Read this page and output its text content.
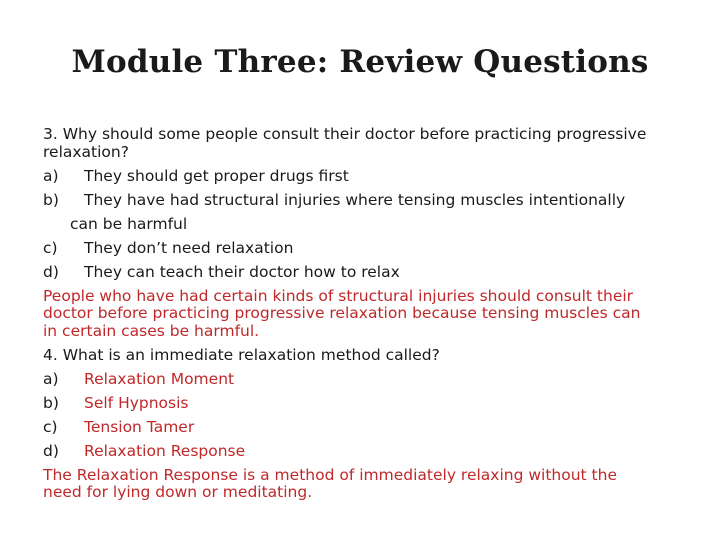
Module Three: Review Questions
3. Why should some people consult their doctor before practicing progressive
relaxation?
a) They should get proper drugs first
b) They have had structural injuries where tensing muscles intentionally
can be harmful
c) They don’t need relaxation
d) They can teach their doctor how to relax
People who have had certain kinds of structural injuries should consult their
doctor before practicing progressive relaxation because tensing muscles can
in certain cases be harmful.
4. What is an immediate relaxation method called?
a) Relaxation Moment
b) Self Hypnosis
c) Tension Tamer
d) Relaxation Response
The Relaxation Response is a method of immediately relaxing without the
need for lying down or meditating.
